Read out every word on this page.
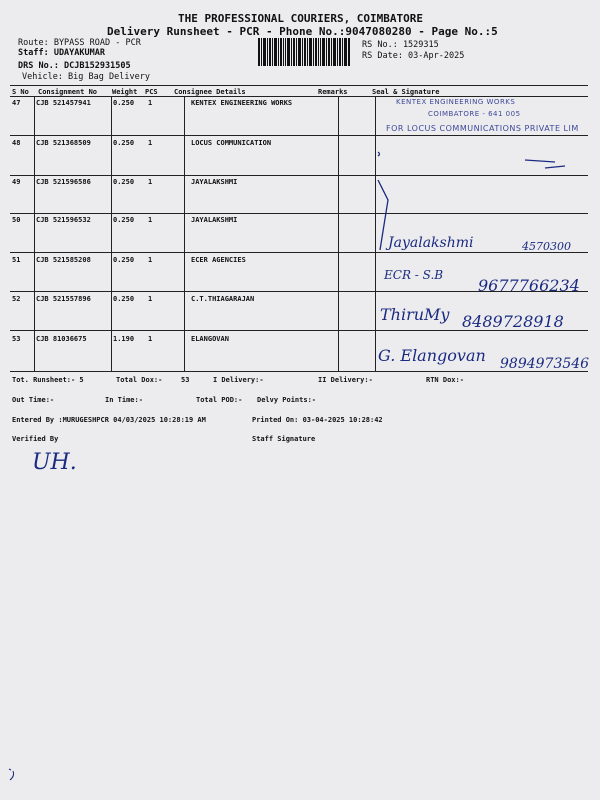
THE PROFESSIONAL COURIERS, COIMBATORE
Delivery Runsheet - PCR - Phone No.:9047080280 - Page No.:5
Route: BYPASS ROAD - PCR
Staff: UDAYAKUMAR
DRS No.: DCJB152931505
Vehicle: Big Bag Delivery
RS No.: 1529315
RS Date: 03-Apr-2025
S No Consignment No Weight PCS Consignee Details	Remarks	Seal & Signature
47 CJB 521457941	0.250 1	KENTEX ENGINEERING WORKS
48 CJB 521368509	0.250 1	LOCUS COMMUNICATION
49 CJB 521596586	0.250 1	JAYALAKSHMI
50 CJB 521596532	0.250 1	JAYALAKSHMI
51 CJB 521585208	0.250 1	ECER AGENCIES
52 CJB 521557896	0.250 1	C.T.THIAGARAJAN
53 CJB 81036675	1.190 1	ELANGOVAN
KENTEX ENGINEERING WORKS
COIMBATORE - 641 005
FOR LOCUS COMMUNICATIONS PRIVATE LIM
Jayalakshmi	4570300
ECR - S.B
9677766234
ThiruMy 8489728918
G. Elangovan 9894973546
Tot. Runsheet:- 5	Total Dox:-	53	I Delivery:-	II Delivery:-	RTN Dox:-
Out Time:-	In Time:-	Total POD:- Delvy Points:-
Entered By :MURUGESHPCR 04/03/2025 10:28:19 AM	Printed On: 03-04-2025 10:28:42
Verified By	Staff Signature
UH.
